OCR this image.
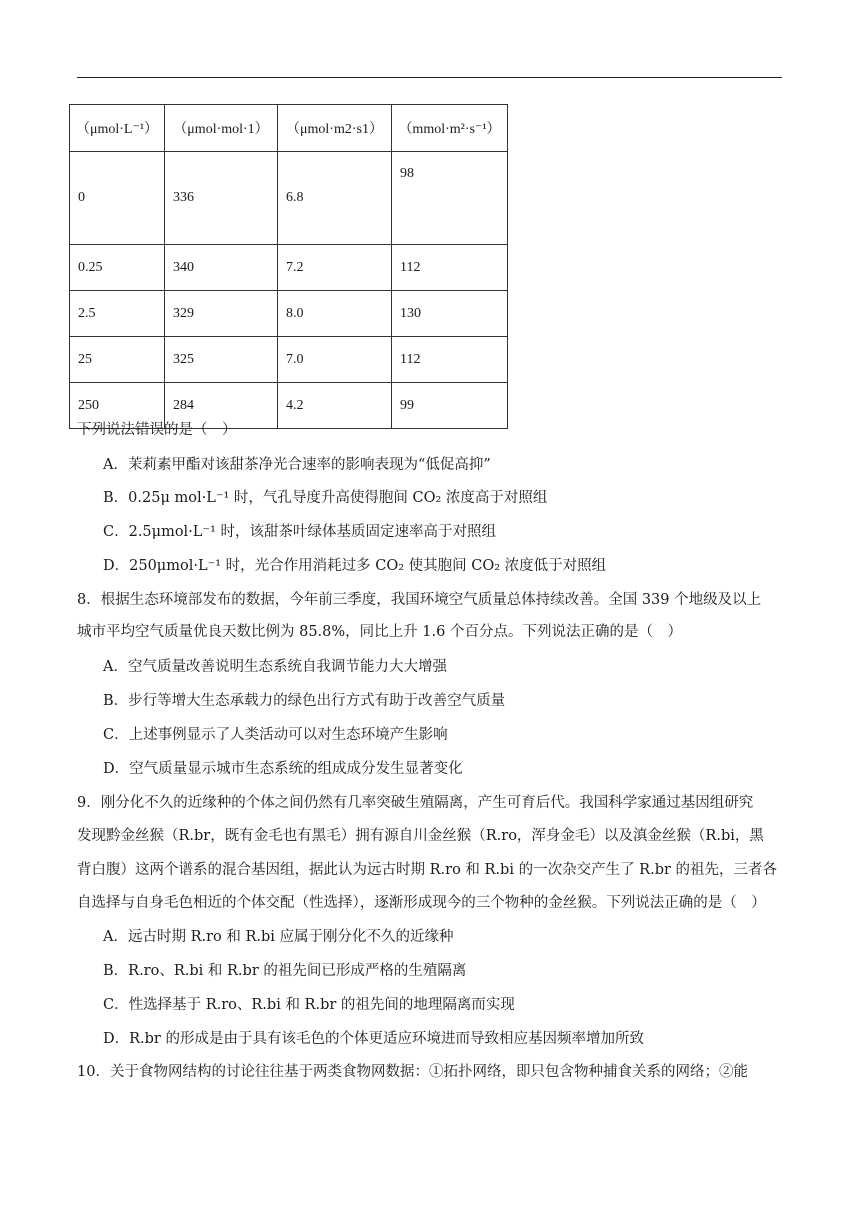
（μmol·L⁻¹）	（μmol·mol·1）	（μmol·m2·s1）	（mmol·m²·s⁻¹）
0	336	6.8	98
0.25	340	7.2	112
2.5	329	8.0	130
25	325	7.0	112
250	284	4.2	99
下列说法错误的是（　）
A．茉莉素甲酯对该甜茶净光合速率的影响表现为“低促高抑”
B．0.25μ mol·L⁻¹ 时，气孔导度升高使得胞间 CO₂ 浓度高于对照组
C．2.5μmol·L⁻¹ 时，该甜茶叶绿体基质固定速率高于对照组
D．250μmol·L⁻¹ 时，光合作用消耗过多 CO₂ 使其胞间 CO₂ 浓度低于对照组
8．根据生态环境部发布的数据，今年前三季度，我国环境空气质量总体持续改善。全国 339 个地级及以上
城市平均空气质量优良天数比例为 85.8%，同比上升 1.6 个百分点。下列说法正确的是（　）
A．空气质量改善说明生态系统自我调节能力大大增强
B．步行等增大生态承载力的绿色出行方式有助于改善空气质量
C．上述事例显示了人类活动可以对生态环境产生影响
D．空气质量显示城市生态系统的组成成分发生显著变化
9．刚分化不久的近缘种的个体之间仍然有几率突破生殖隔离，产生可育后代。我国科学家通过基因组研究
发现黔金丝猴（R.br，既有金毛也有黑毛）拥有源自川金丝猴（R.ro，浑身金毛）以及滇金丝猴（R.bi，黑
背白腹）这两个谱系的混合基因组，据此认为远古时期 R.ro 和 R.bi 的一次杂交产生了 R.br 的祖先，三者各
自选择与自身毛色相近的个体交配（性选择），逐渐形成现今的三个物种的金丝猴。下列说法正确的是（　）
A．远古时期 R.ro 和 R.bi 应属于刚分化不久的近缘种
B．R.ro、R.bi 和 R.br 的祖先间已形成严格的生殖隔离
C．性选择基于 R.ro、R.bi 和 R.br 的祖先间的地理隔离而实现
D．R.br 的形成是由于具有该毛色的个体更适应环境进而导致相应基因频率增加所致
10．关于食物网结构的讨论往往基于两类食物网数据：①拓扑网络，即只包含物种捕食关系的网络；②能
